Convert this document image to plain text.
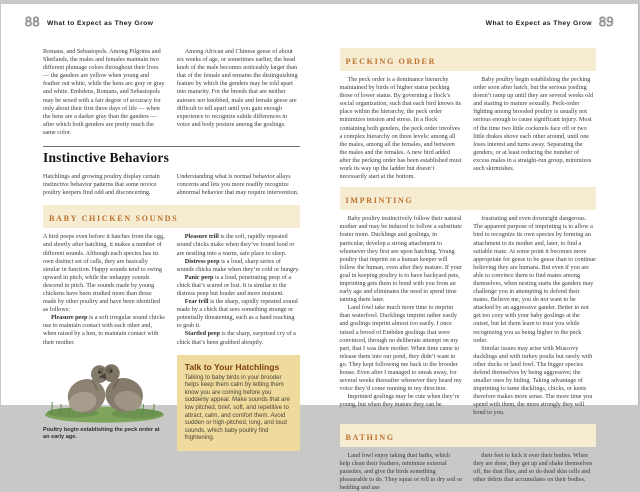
88 What to Expect as They Grow

Romans, and Sebastopols. Among Pilgrims and Shetlands, the males and females maintain two different plumage colors throughout their lives — the ganders are yellow when young and feather out white, while the hens are gray or gray and white. Embdens, Romans, and Sebastopols may be sexed with a fair degree of accuracy for only about their first three days of life — when the hens are a darker gray than the ganders — after which both genders are pretty much the same color.

Among African and Chinese geese of about six weeks of age, or sometimes earlier, the head knob of the male becomes noticeably larger than that of the female and remains the distinguishing feature by which the genders may be told apart into maturity. For the breeds that are neither autosex nor knobbed, male and female geese are difficult to tell apart until you gain enough experience to recognize subtle differences in voice and body posture among the goslings.

Instinctive Behaviors

Hatchlings and growing poultry display certain instinctive behavior patterns that some novice poultry keepers find odd and disconcerting.

Understanding what is normal behavior allays concerns and lets you more readily recognize abnormal behavior that may require intervention.

BABY CHICKEN SOUNDS

A bird peeps even before it hatches from the egg, and shortly after hatching, it makes a number of different sounds. Although each species has its own distinct set of calls, they are basically similar in function. Happy sounds tend to swing upward in pitch, while the unhappy sounds descend in pitch. The sounds made by young chickens have been studied more than those made by other poultry and have been identified as follows:

Pleasure peep is a soft irregular sound chicks use to maintain contact with each other and, when raised by a hen, to maintain contact with their mother.

Poultry begin establishing the peck order at an early age.

Pleasure trill is the soft, rapidly repeated sound chicks make when they’ve found food or are nestling into a warm, safe place to sleep.

Distress peep is a loud, sharp series of sounds chicks make when they’re cold or hungry.

Panic peep is a loud, penetrating peep of a chick that’s scared or lost. It is similar to the distress peep but louder and more insistent.

Fear trill is the sharp, rapidly repeated sound made by a chick that sees something strange or potentially threatening, such as a hand reaching to grab it.

Startled peep is the sharp, surprised cry of a chick that’s been grabbed abruptly.

Talk to Your Hatchlings

Talking to baby birds in your brooder helps keep them calm by letting them know you are coming before you suddenly appear. Make sounds that are low pitched, brief, soft, and repetitive to attract, calm, and comfort them. Avoid sudden or high-pitched, long, and loud sounds, which baby poultry find frightening.

89
What to Expect as They Grow
PECKING ORDER

The peck order is a dominance hierarchy maintained by birds of higher status pecking those of lower status. By governing a flock’s social organization, such that each bird knows its place within the hierarchy, the peck order minimizes tension and stress. In a flock containing both genders, the peck order involves a complex hierarchy on three levels: among all the males, among all the females, and between the males and the females. A new bird added after the pecking order has been established must work its way up the ladder but doesn’t necessarily start at the bottom.

Baby poultry begin establishing the pecking order soon after hatch, but the serious jostling doesn’t ramp up until they are several weeks old and starting to mature sexually. Peck-order fighting among brooded poultry is usually not serious enough to cause significant injury. Most of the time two little cockerels face off or two little drakes shove each other around, until one loses interest and turns away. Separating the genders, or at least reducing the number of excess males in a straight-run group, minimizes such skirmishes.

IMPRINTING

Baby poultry instinctively follow their natural mother and may be induced to follow a substitute foster mom. Ducklings and goslings, in particular, develop a strong attachment to whomever they first see upon hatching. Young poultry that imprint on a human keeper will follow the human, even after they mature. If your goal in keeping poultry is to have backyard pets, imprinting gets them to bond with you from an early age and eliminates the need to spend time taming them later.

Land fowl take much more time to imprint than waterfowl. Ducklings imprint rather easily and goslings imprint almost too easily. I once raised a brood of Embden goslings that were convinced, through no deliberate attempt on my part, that I was their mother. When time came to release them into our pond, they didn’t want to go. They kept following me back to the brooder house. Even after I managed to sneak away, for several weeks thereafter whenever they heard my voice they’d come running in my direction.

Imprinted goslings may be cute when they’re young, but when they mature they can be

frustrating and even downright dangerous. The apparent purpose of imprinting is to allow a bird to recognize its own species by forming an attachment to its mother and, later, to find a suitable mate. At some point it becomes more appropriate for geese to be geese than to continue believing they are humans. But even if you are able to convince them to find mates among themselves, when nesting starts the ganders may challenge you in attempting to defend their mates. Believe me, you do not want to be attacked by an aggressive gander. Better to not get too cozy with your baby goslings at the outset, but let them learn to trust you while recognizing you as being higher in the peck order.

Similar issues may arise with Muscovy ducklings and with turkey poults but rarely with other ducks or land fowl. The bigger species defend themselves by being aggressive; the smaller ones by hiding. Taking advantage of imprinting to tame ducklings, chicks, or keets therefore makes more sense. The more time you spend with them, the more strongly they will bond to you.

BATHING

Land fowl enjoy taking dust baths, which help clean their feathers, minimize external parasites, and give the birds something pleasurable to do. They squat or roll in dry soil or bedding and use

their feet to kick it over their bodies. When they are done, they get up and shake themselves off, the dust flies, and so do dead skin cells and other debris that accumulates on their bodies.
